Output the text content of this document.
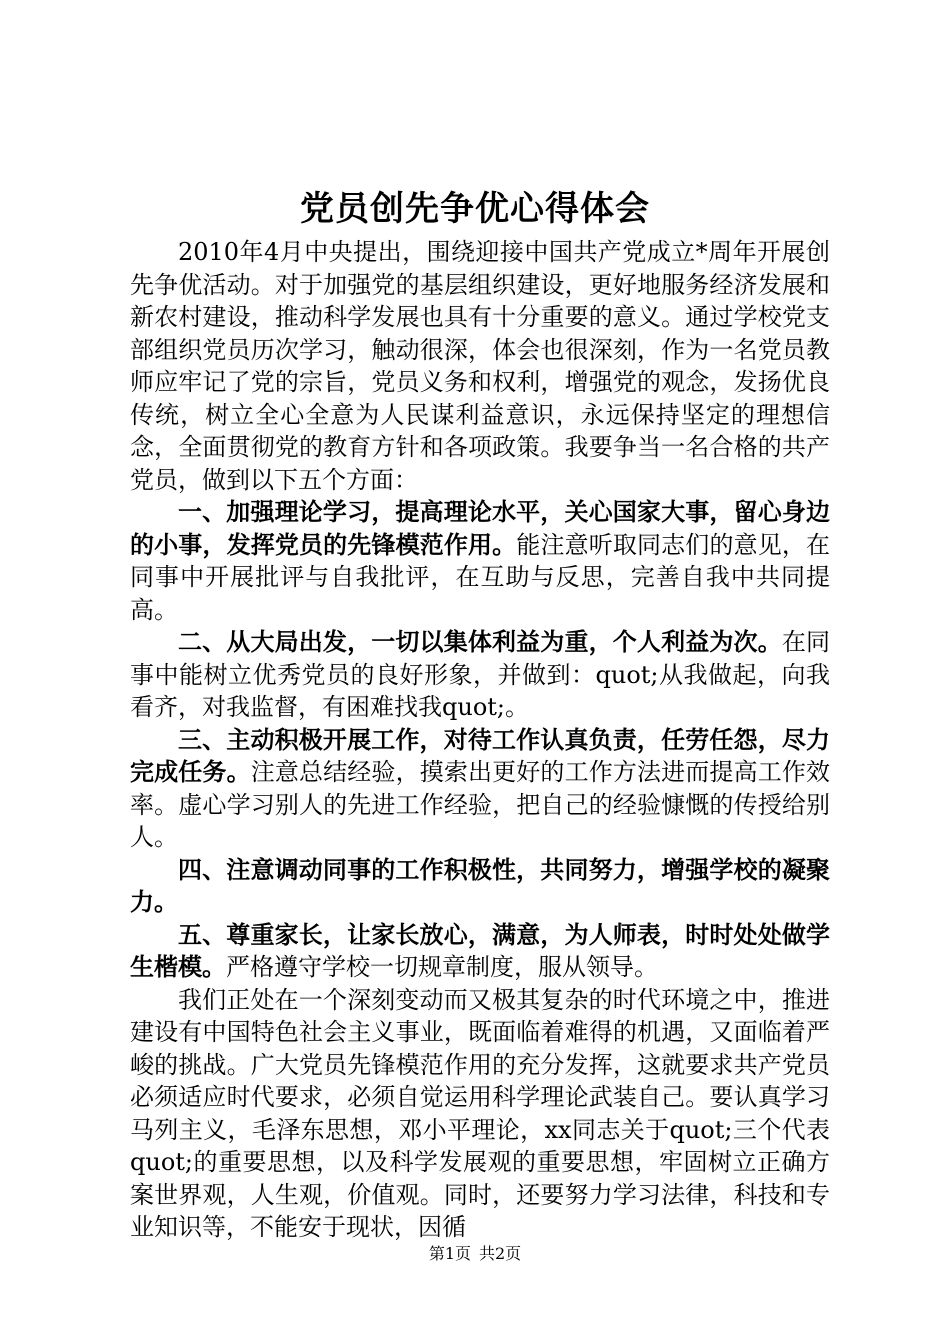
党员创先争优心得体会

2010年4月中央提出，围绕迎接中国共产党成立*周年开展创先争优活动。对于加强党的基层组织建设，更好地服务经济发展和新农村建设，推动科学发展也具有十分重要的意义。通过学校党支部组织党员历次学习，触动很深，体会也很深刻，作为一名党员教师应牢记了党的宗旨，党员义务和权利，增强党的观念，发扬优良传统，树立全心全意为人民谋利益意识，永远保持坚定的理想信念，全面贯彻党的教育方针和各项政策。我要争当一名合格的共产党员，做到以下五个方面：

一、加强理论学习，提高理论水平，关心国家大事，留心身边的小事，发挥党员的先锋模范作用。能注意听取同志们的意见，在同事中开展批评与自我批评，在互助与反思，完善自我中共同提高。

二、从大局出发，一切以集体利益为重，个人利益为次。在同事中能树立优秀党员的良好形象，并做到：quot;从我做起，向我看齐，对我监督，有困难找我quot;。

三、主动积极开展工作，对待工作认真负责，任劳任怨，尽力完成任务。注意总结经验，摸索出更好的工作方法进而提高工作效率。虚心学习别人的先进工作经验，把自己的经验慷慨的传授给别人。

四、注意调动同事的工作积极性，共同努力，增强学校的凝聚力。

五、尊重家长，让家长放心，满意，为人师表，时时处处做学生楷模。严格遵守学校一切规章制度，服从领导。

我们正处在一个深刻变动而又极其复杂的时代环境之中，推进建设有中国特色社会主义事业，既面临着难得的机遇，又面临着严峻的挑战。广大党员先锋模范作用的充分发挥，这就要求共产党员必须适应时代要求，必须自觉运用科学理论武装自己。要认真学习马列主义，毛泽东思想，邓小平理论，xx同志关于quot;三个代表quot;的重要思想，以及科学发展观的重要思想，牢固树立正确方案世界观，人生观，价值观。同时，还要努力学习法律，科技和专业知识等，不能安于现状，因循

第1页 共2页
